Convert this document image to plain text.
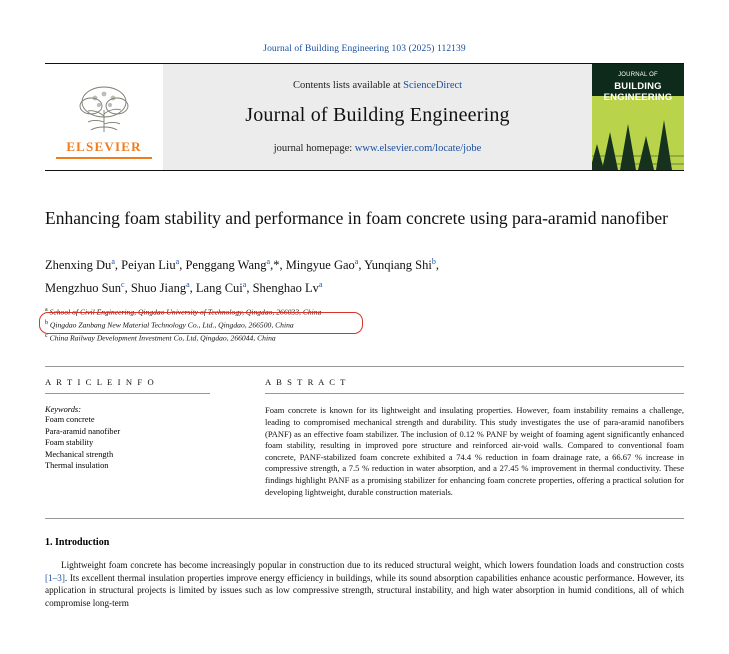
Journal of Building Engineering 103 (2025) 112139
ELSEVIER
Contents lists available at ScienceDirect
Journal of Building Engineering
journal homepage: www.elsevier.com/locate/jobe
JOURNAL OF
BUILDING
ENGINEERING
Enhancing foam stability and performance in foam concrete using para-aramid nanofiber
Zhenxing Du$^a$, Peiyan Liu$^a$, Penggang Wang$^a$,*, Mingyue Gao$^a$, Yunqiang Shi$^b$,
Mengzhuo Sun$^c$, Shuo Jiang$^a$, Lang Cui$^a$, Shenghao Lv$^a$
$^a$ School of Civil Engineering, Qingdao University of Technology, Qingdao, 266033, China
$^b$ Qingdao Zanbang New Material Technology Co., Ltd., Qingdao, 266500, China
$^c$ China Railway Development Investment Co, Ltd, Qingdao, 266044, China
A R T I C L E I N F O
Keywords:
Foam concrete
Para-aramid nanofiber
Foam stability
Mechanical strength
Thermal insulation
A B S T R A C T
Foam concrete is known for its lightweight and insulating properties. However, foam instability remains a challenge, leading to compromised mechanical strength and durability. This study investigates the use of para-aramid nanofibers (PANF) as an effective foam stabilizer. The inclusion of 0.12 % PANF by weight of foaming agent significantly enhanced foam stability, resulting in improved pore structure and reinforced air-void walls. Compared to conventional foam concrete, PANF-stabilized foam concrete exhibited a 74.4 % reduction in foam drainage rate, a 66.67 % increase in compressive strength, a 7.5 % reduction in water absorption, and a 27.45 % improvement in thermal conductivity. These findings highlight PANF as a promising stabilizer for enhancing foam concrete properties, offering a practical solution for developing lightweight, durable construction materials.
1. Introduction
Lightweight foam concrete has become increasingly popular in construction due to its reduced structural weight, which lowers foundation loads and construction costs [1–3]. Its excellent thermal insulation properties improve energy efficiency in buildings, while its sound absorption capabilities enhance acoustic performance. However, its application in structural projects is limited by issues such as low compressive strength, structural instability, and high water absorption in humid conditions, all of which compromise long-term
